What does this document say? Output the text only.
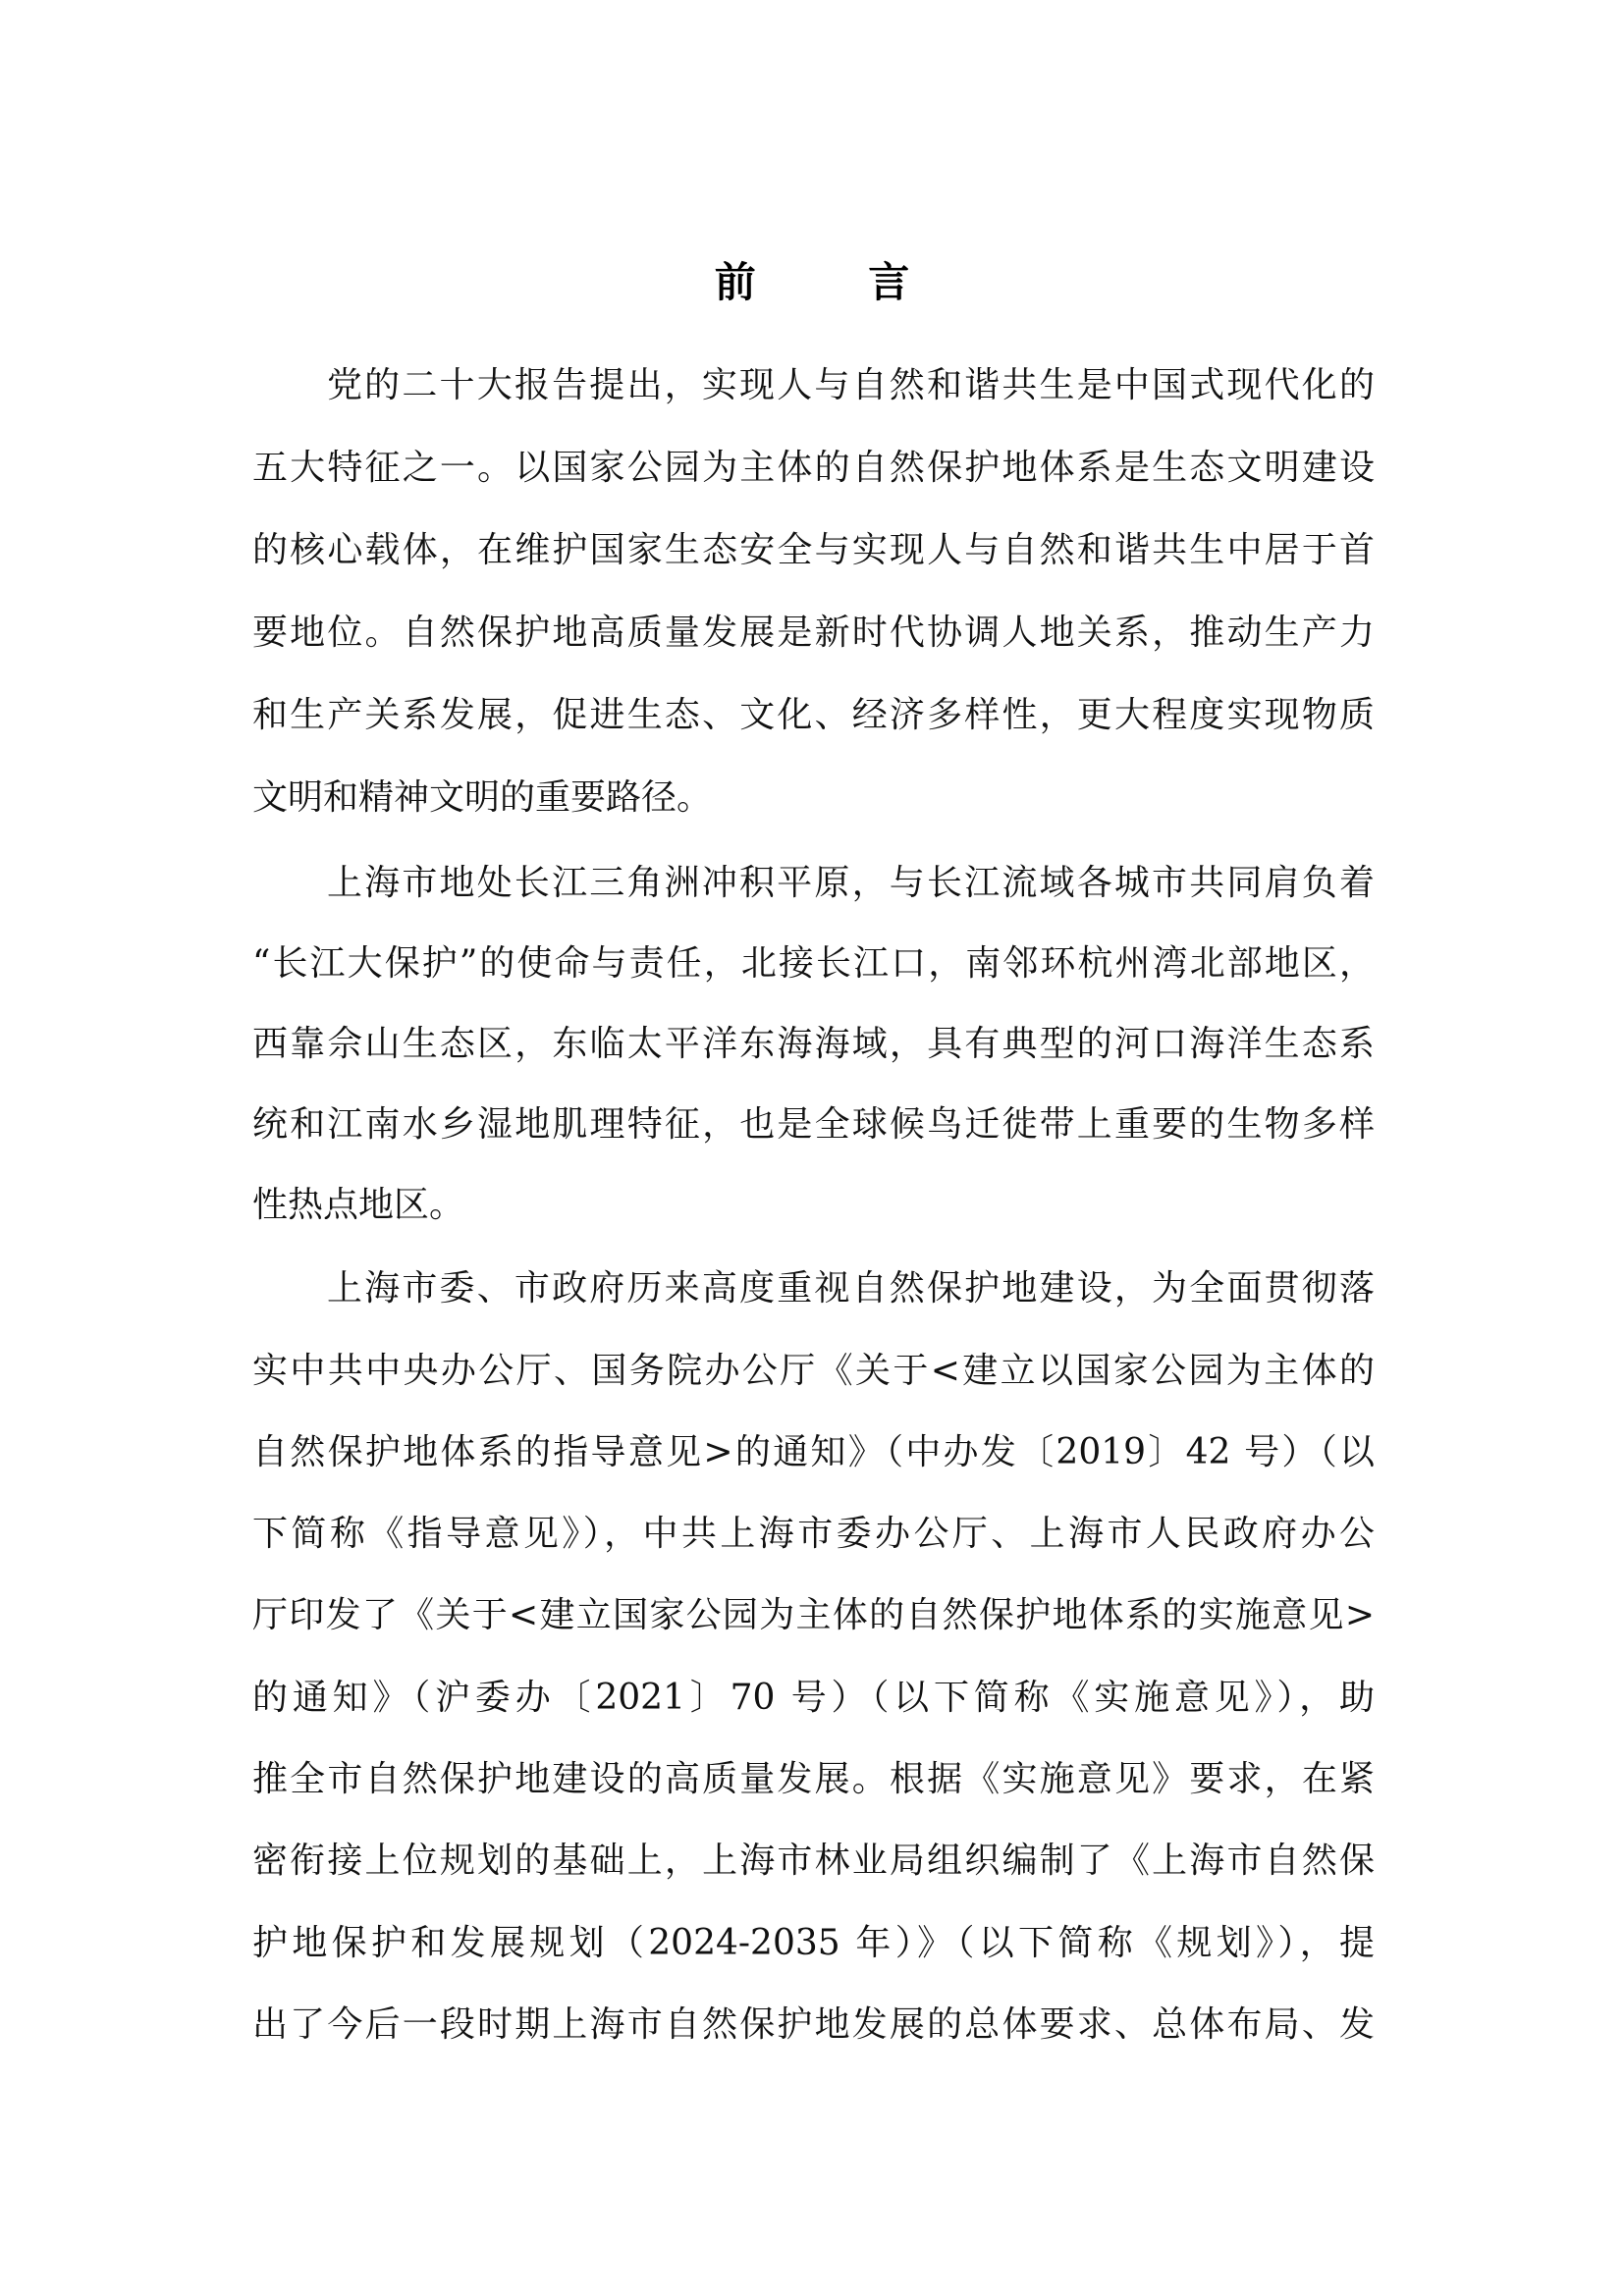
前 言
党的二十大报告提出，实现人与自然和谐共生是中国式现代化的
五大特征之一。以国家公园为主体的自然保护地体系是生态文明建设
的核心载体，在维护国家生态安全与实现人与自然和谐共生中居于首
要地位。自然保护地高质量发展是新时代协调人地关系，推动生产力
和生产关系发展，促进生态、文化、经济多样性，更大程度实现物质
文明和精神文明的重要路径。
上海市地处长江三角洲冲积平原，与长江流域各城市共同肩负着
“长江大保护”的使命与责任，北接长江口，南邻环杭州湾北部地区，
西靠佘山生态区，东临太平洋东海海域，具有典型的河口海洋生态系
统和江南水乡湿地肌理特征，也是全球候鸟迁徙带上重要的生物多样
性热点地区。
上海市委、市政府历来高度重视自然保护地建设，为全面贯彻落
实中共中央办公厅、国务院办公厅《关于<建立以国家公园为主体的
自然保护地体系的指导意见>的通知》（中办发〔2019〕42 号）（以
下简称《指导意见》），中共上海市委办公厅、上海市人民政府办公
厅印发了《关于<建立国家公园为主体的自然保护地体系的实施意见>
的通知》（沪委办〔2021〕70 号）（以下简称《实施意见》），助
推全市自然保护地建设的高质量发展。根据《实施意见》要求，在紧
密衔接上位规划的基础上，上海市林业局组织编制了《上海市自然保
护地保护和发展规划（2024-2035 年）》（以下简称《规划》），提
出了今后一段时期上海市自然保护地发展的总体要求、总体布局、发
